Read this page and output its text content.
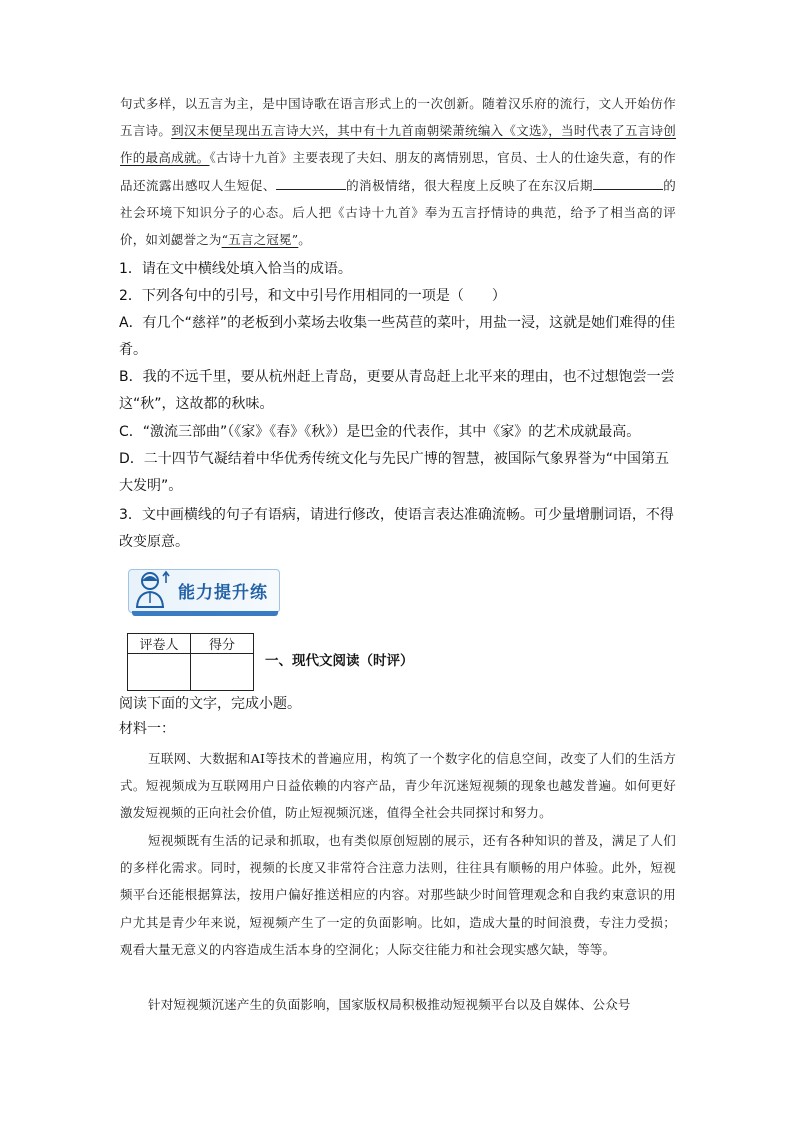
句式多样，以五言为主，是中国诗歌在语言形式上的一次创新。随着汉乐府的流行，文人开始仿作五言诗。到汉末便呈现出五言诗大兴，其中有十九首南朝梁萧统编入《文选》，当时代表了五言诗创作的最高成就。《古诗十九首》主要表现了夫妇、朋友的离情别思，官员、士人的仕途失意，有的作品还流露出感叹人生短促、	的消极情绪，很大程度上反映了在东汉后期	的社会环境下知识分子的心态。后人把《古诗十九首》奉为五言抒情诗的典范，给予了相当高的评价，如刘勰誉之为“五言之冠冕”。
1．请在文中横线处填入恰当的成语。
2．下列各句中的引号，和文中引号作用相同的一项是（　　）
A．有几个“慈祥”的老板到小菜场去收集一些莴苣的菜叶，用盐一浸，这就是她们难得的佳肴。
B．我的不远千里，要从杭州赶上青岛，更要从青岛赶上北平来的理由，也不过想饱尝一尝这“秋”，这故都的秋味。
C．“激流三部曲”（《家》《春》《秋》）是巴金的代表作，其中《家》的艺术成就最高。
D．二十四节气凝结着中华优秀传统文化与先民广博的智慧，被国际气象界誉为“中国第五大发明”。
3．文中画横线的句子有语病，请进行修改，使语言表达准确流畅。可少量增删词语，不得改变原意。
能力提升练
评卷人	得分

一、现代文阅读（时评）
阅读下面的文字，完成小题。
材料一：
互联网、大数据和AI等技术的普遍应用，构筑了一个数字化的信息空间，改变了人们的生活方式。短视频成为互联网用户日益依赖的内容产品，青少年沉迷短视频的现象也越发普遍。如何更好激发短视频的正向社会价值，防止短视频沉迷，值得全社会共同探讨和努力。
短视频既有生活的记录和抓取，也有类似原创短剧的展示，还有各种知识的普及，满足了人们的多样化需求。同时，视频的长度又非常符合注意力法则，往往具有顺畅的用户体验。此外，短视频平台还能根据算法，按用户偏好推送相应的内容。对那些缺少时间管理观念和自我约束意识的用户尤其是青少年来说，短视频产生了一定的负面影响。比如，造成大量的时间浪费，专注力受损；观看大量无意义的内容造成生活本身的空洞化；人际交往能力和社会现实感欠缺，等等。
针对短视频沉迷产生的负面影响，国家版权局积极推动短视频平台以及自媒体、公众号
